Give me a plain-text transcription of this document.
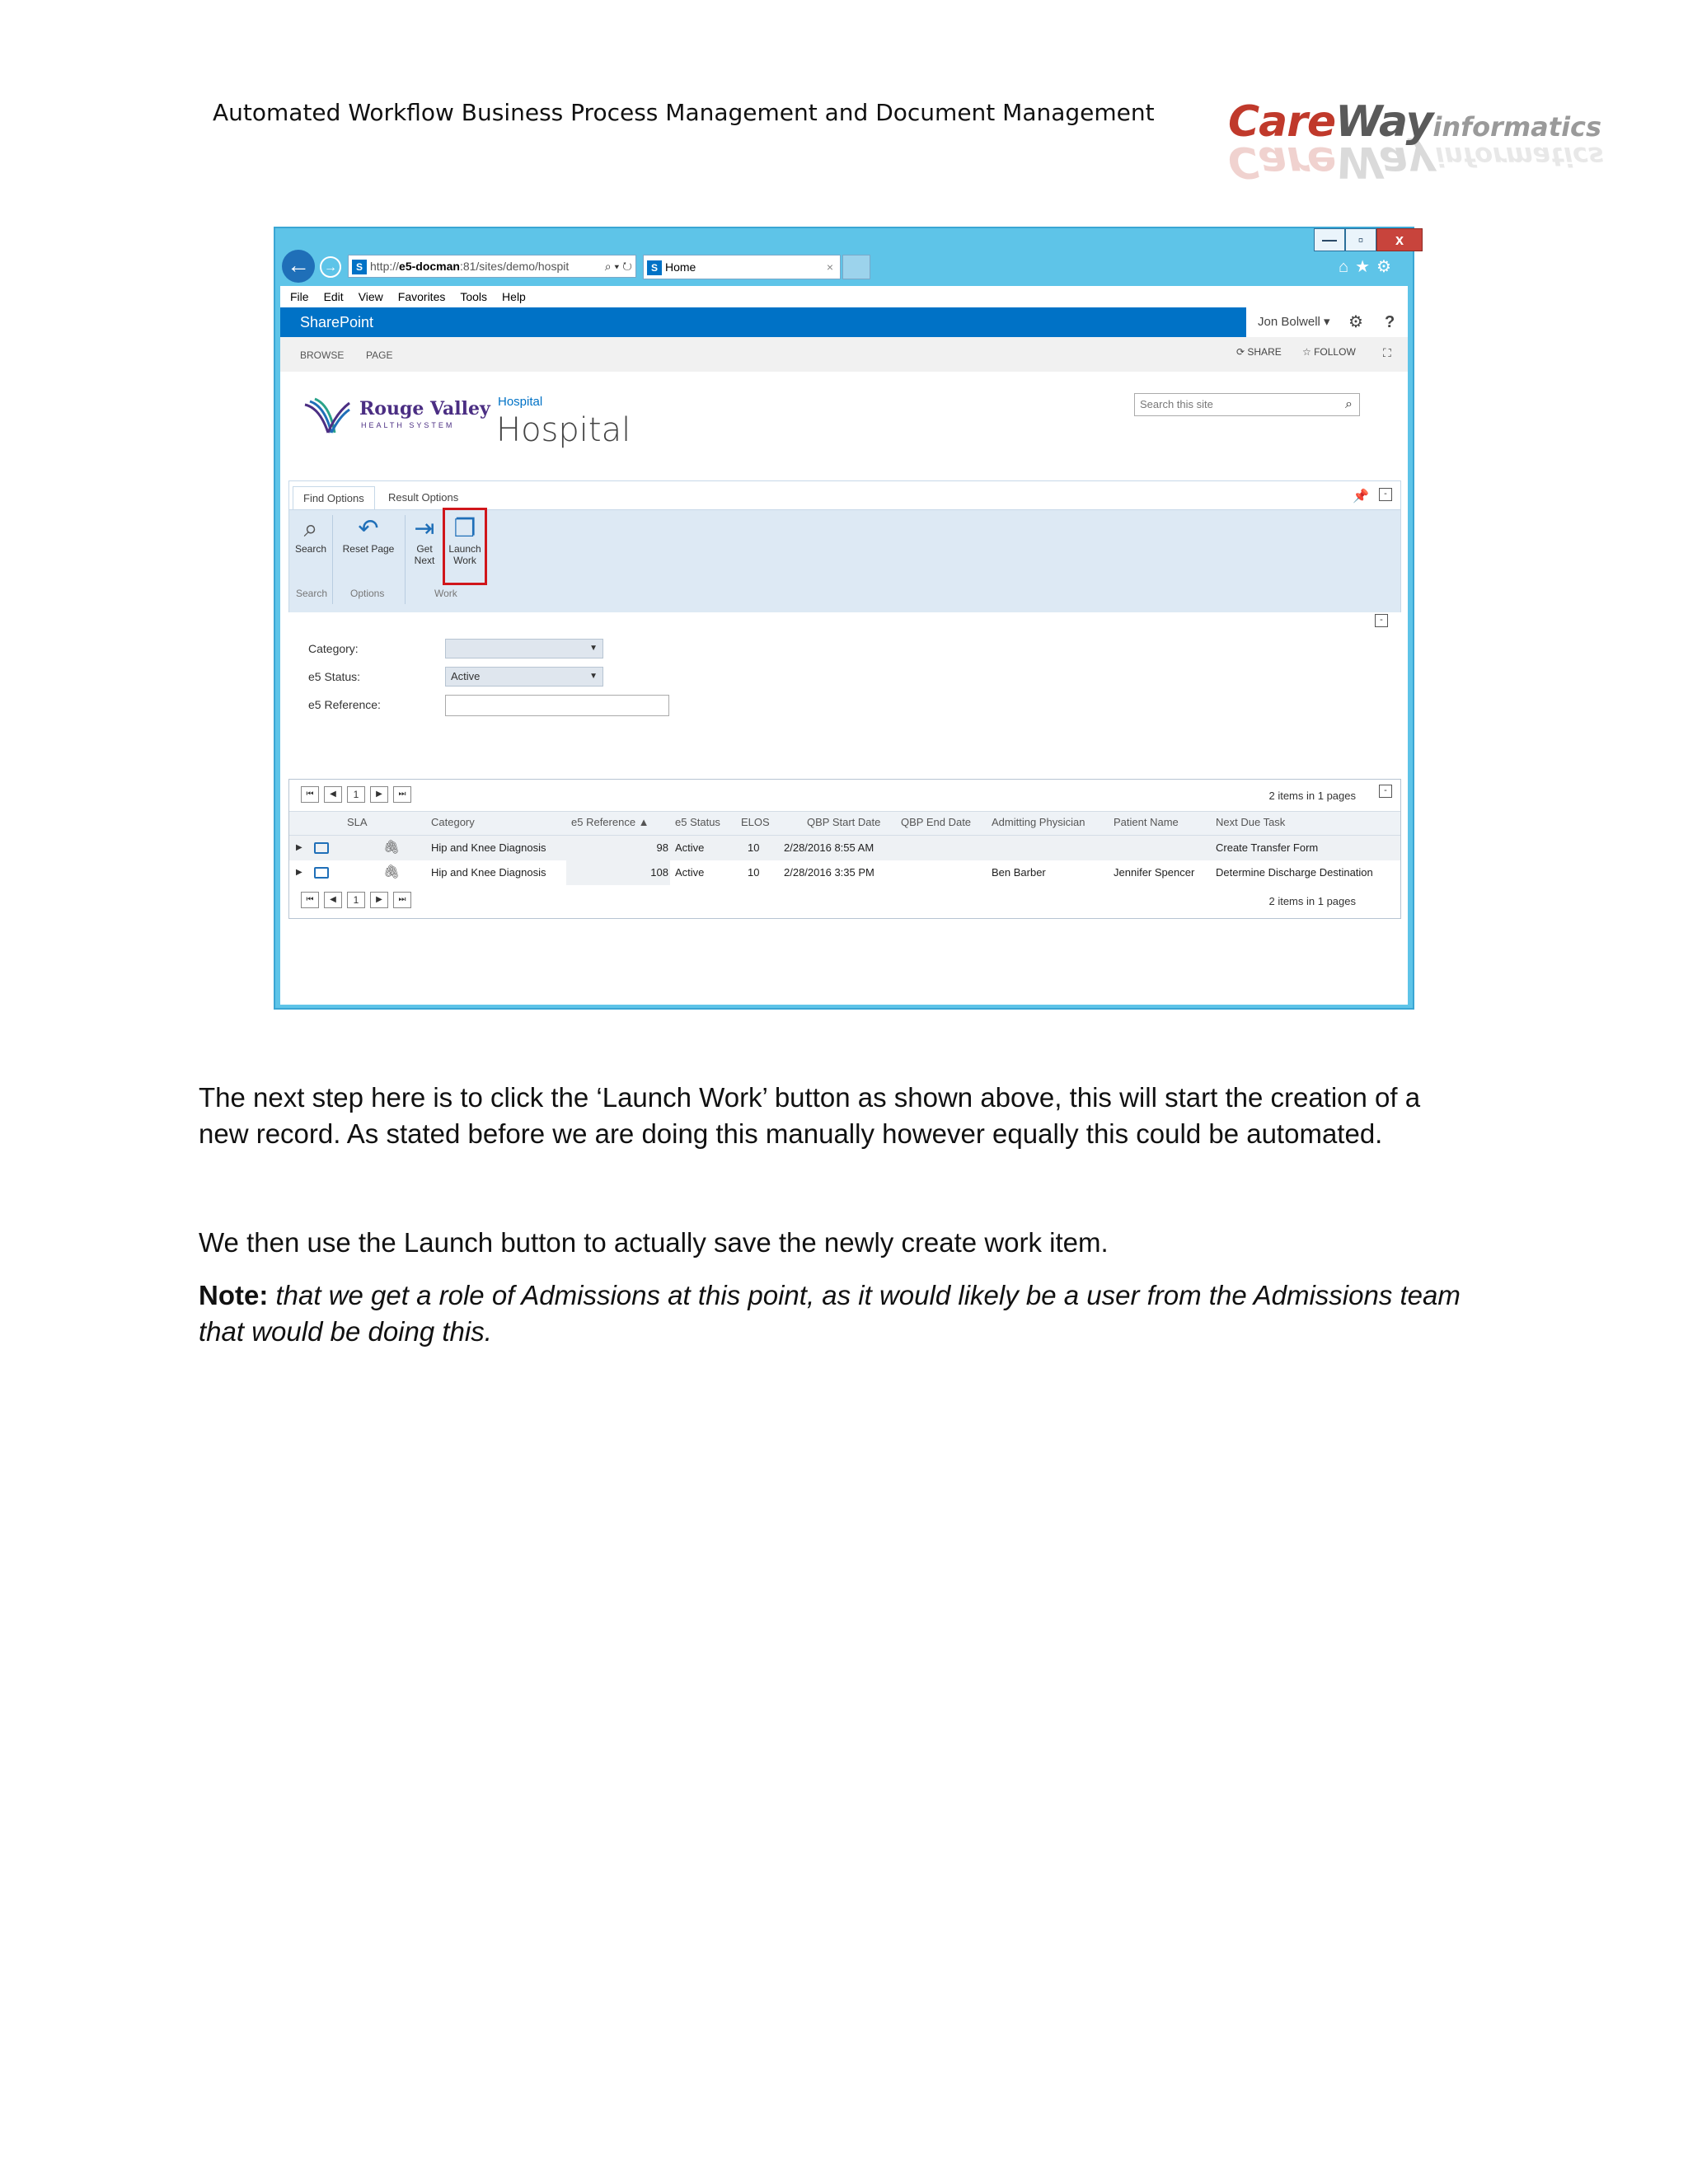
Automated Workflow Business Process Management and Document Management CareWayinformatics
CareWayinformatics
—	▫	x
←	→	S http://e5-docman:81/sites/demo/hospit	⌕ ▾ ↻	S Home	×	⌂★⚙
File Edit View Favorites Tools Help
SharePoint	Jon Bolwell ▾ ⚙ ?
BROWSE PAGE	⟳ SHARE ☆ FOLLOW ⛶
Rouge Valley
HEALTH SYSTEM
Hospital
Hospital
Search this site	⌕
Find Options	Result Options	📌	-
⌕
Search
↶
Reset Page
⇥
Get
Next
❐
Launch
Work
Search Options	Work
-
Category:	▼
e5 Status:	Active	▼
e5 Reference:
⏮	◀	1	▶	⏭	2 items in 1 pages	-
SLA	Category	e5 Reference ▲ e5 Status ELOS	QBP Start Date QBP End Date Admitting Physician	Patient Name	Next Due Task
▶	🖇	Hip and Knee Diagnosis	98 Active	10 2/28/2016 8:55 AM	Create Transfer Form
▶	🖇	Hip and Knee Diagnosis	108 Active	10 2/28/2016 3:35 PM	Ben Barber	Jennifer Spencer Determine Discharge Destination
⏮	◀	1	▶	⏭	2 items in 1 pages
The next step here is to click the ‘Launch Work’ button as shown above, this will start the creation of a
new record. As stated before we are doing this manually however equally this could be automated.
We then use the Launch button to actually save the newly create work item.
Note: that we get a role of Admissions at this point, as it would likely be a user from the Admissions team
that would be doing this.
